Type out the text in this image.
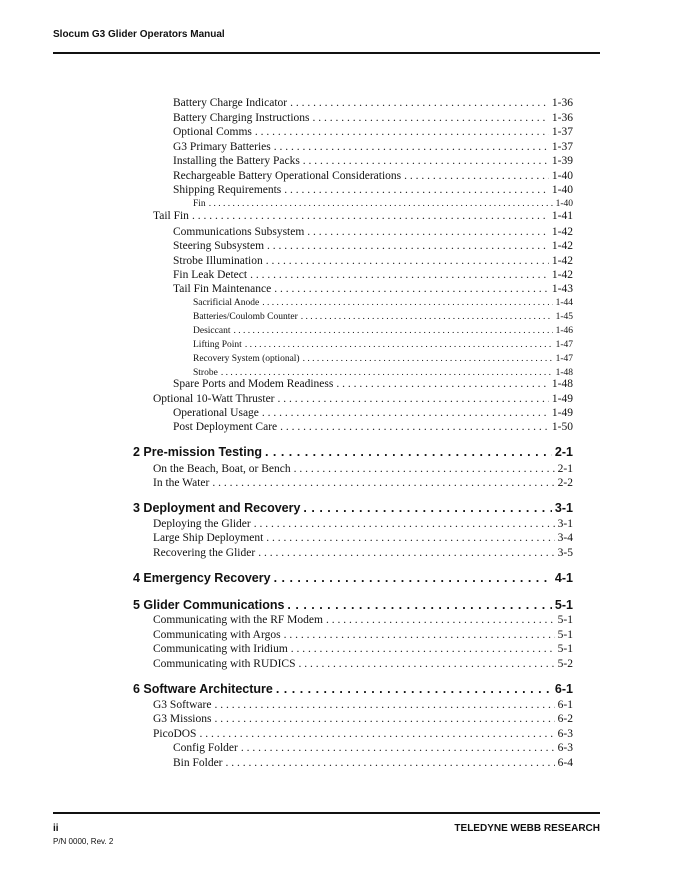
Slocum G3 Glider Operators Manual
Battery Charge Indicator . . .	1-36
Battery Charging Instructions . . .	1-36
Optional Comms . . .	1-37
G3 Primary Batteries . . .	1-37
Installing the Battery Packs . . .	1-39
Rechargeable Battery Operational Considerations . . .	1-40
Shipping Requirements . . .	1-40
Fin . . .	1-40
Tail Fin . . .	1-41
Communications Subsystem . . .	1-42
Steering Subsystem . . .	1-42
Strobe Illumination . . .	1-42
Fin Leak Detect . . .	1-42
Tail Fin Maintenance . . .	1-43
Sacrificial Anode . . .	1-44
Batteries/Coulomb Counter . . .	1-45
Desiccant . . .	1-46
Lifting Point . . .	1-47
Recovery System (optional) . . .	1-47
Strobe . . .	1-48
Spare Ports and Modem Readiness . . .	1-48
Optional 10-Watt Thruster . . .	1-49
Operational Usage . . .	1-49
Post Deployment Care . . .	1-50
2 Pre-mission Testing . . .	2-1
On the Beach, Boat, or Bench . . .	2-1
In the Water . . .	2-2
3 Deployment and Recovery . . .	3-1
Deploying the Glider . . .	3-1
Large Ship Deployment . . .	3-4
Recovering the Glider . . .	3-5
4 Emergency Recovery . . .	4-1
5 Glider Communications . . .	5-1
Communicating with the RF Modem . . .	5-1
Communicating with Argos . . .	5-1
Communicating with Iridium . . .	5-1
Communicating with RUDICS . . .	5-2
6 Software Architecture . . .	6-1
G3 Software . . .	6-1
G3 Missions . . .	6-2
PicoDOS . . .	6-3
Config Folder . . .	6-3
Bin Folder . . .	6-4
ii
P/N 0000, Rev. 2
TELEDYNE WEBB RESEARCH
